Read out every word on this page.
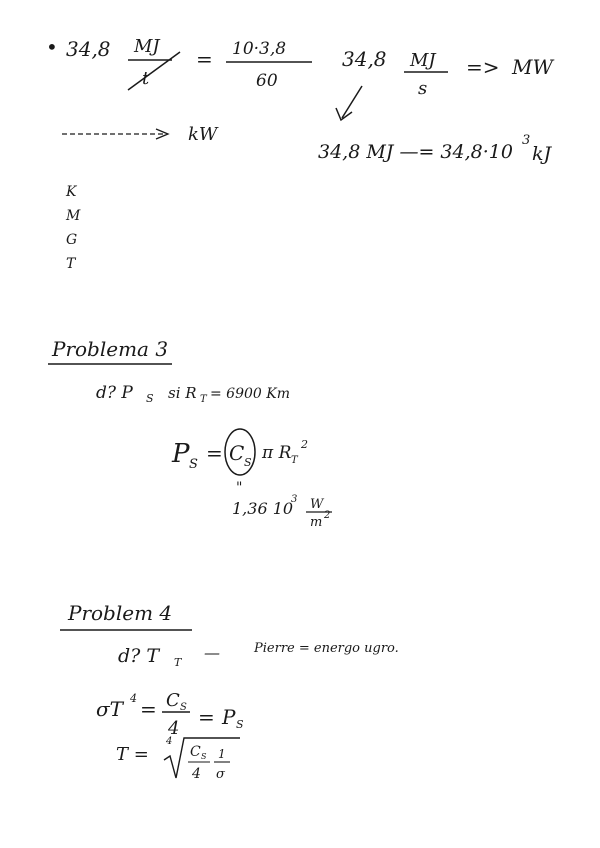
• 34,8 MJ
t
= 10·3,8
60
34,8 MJ
s
=> MW
34,8 MJ —= 34,8·10
3
kJ
kW
K
M
G
T
Problema 3
d? P S si R T = 6900 Km
P S = C S π R T
2
"
1,36 10
3 W
m 2
Problem 4
d? T T
—	Pierre = energo ugro.
σT 4 = C S
4 = P S
T =
4
C S
4
1
σ
